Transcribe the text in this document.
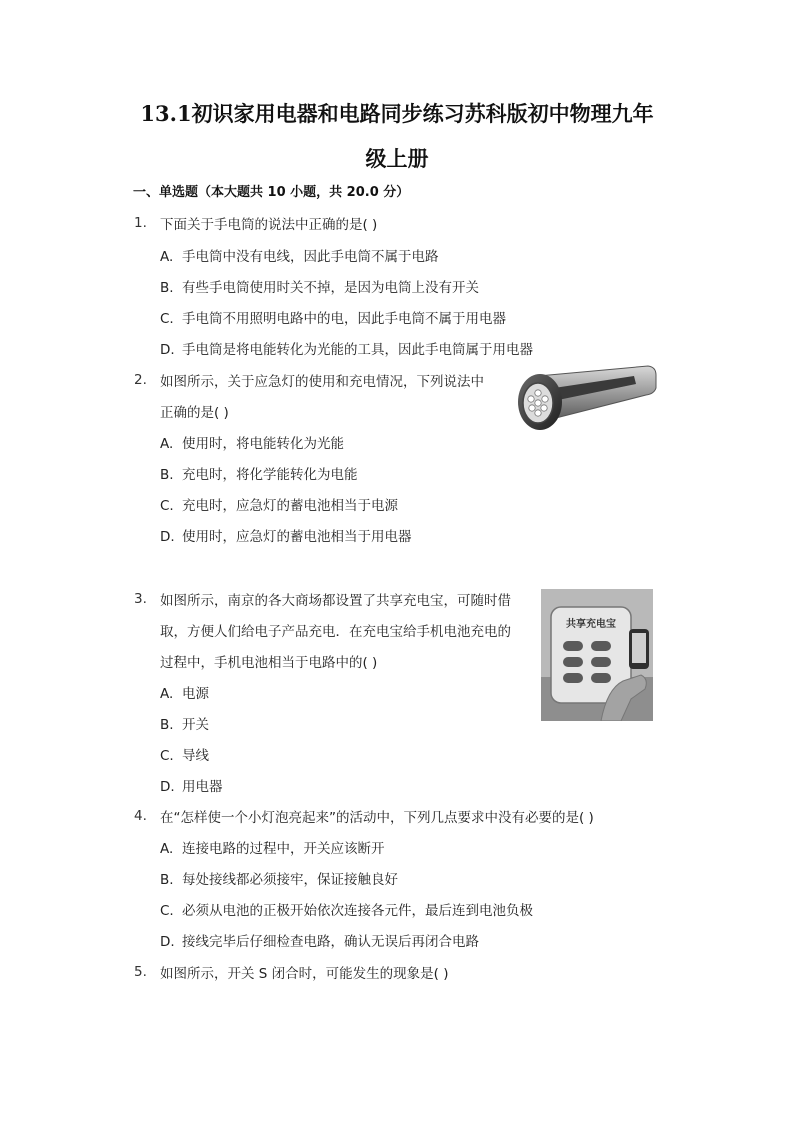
13.1初识家用电器和电路同步练习苏科版初中物理九年
级上册
一、单选题（本大题共 10 小题，共 20.0 分）
1. 下面关于手电筒的说法中正确的是( )
A. 手电筒中没有电线，因此手电筒不属于电路
B. 有些手电筒使用时关不掉，是因为电筒上没有开关
C. 手电筒不用照明电路中的电，因此手电筒不属于用电器
D. 手电筒是将电能转化为光能的工具，因此手电筒属于用电器
2. 如图所示，关于应急灯的使用和充电情况，下列说法中
正确的是( )
A. 使用时，将电能转化为光能
B. 充电时，将化学能转化为电能
C. 充电时，应急灯的蓄电池相当于电源
D. 使用时，应急灯的蓄电池相当于用电器
3. 如图所示，南京的各大商场都设置了共享充电宝，可随时借
取，方便人们给电子产品充电．在充电宝给手机电池充电的
过程中，手机电池相当于电路中的( )
A. 电源
B. 开关
C. 导线
D. 用电器
共享充电宝
4. 在“怎样使一个小灯泡亮起来”的活动中，下列几点要求中没有必要的是( )
A. 连接电路的过程中，开关应该断开
B. 每处接线都必须接牢，保证接触良好
C. 必须从电池的正极开始依次连接各元件，最后连到电池负极
D. 接线完毕后仔细检查电路，确认无误后再闭合电路
5. 如图所示，开关 S 闭合时，可能发生的现象是( )
